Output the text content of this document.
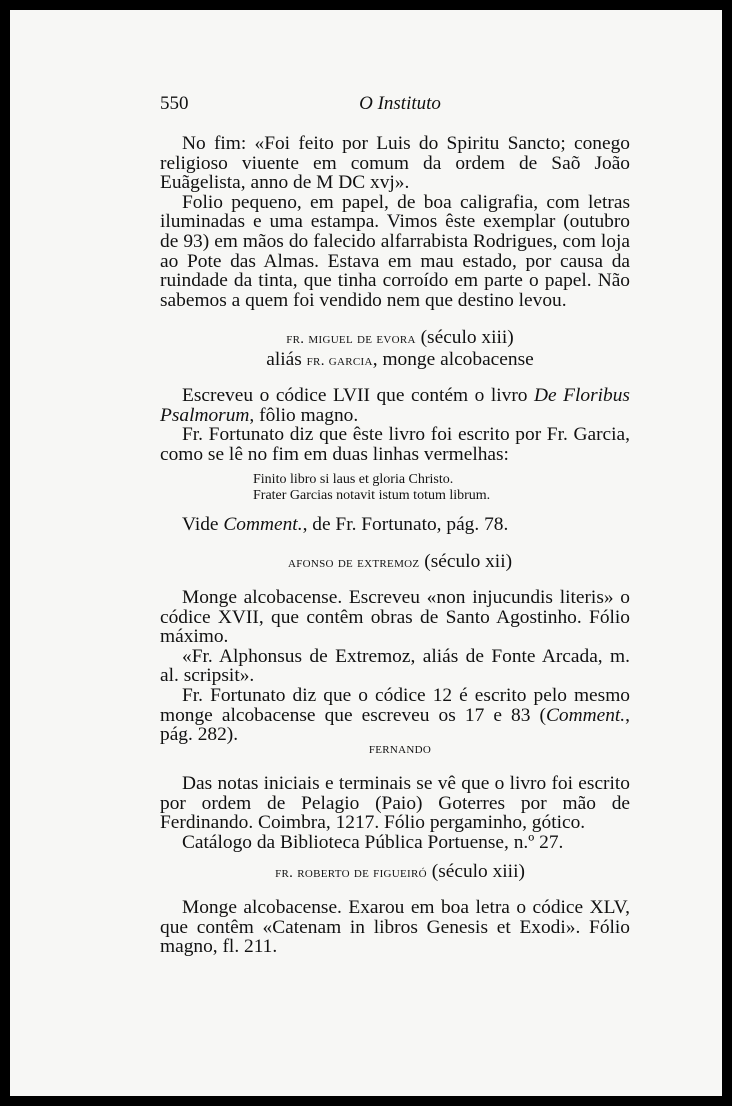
550	O Instituto

No fim: «Foi feito por Luis do Spiritu Sancto; conego religioso viuente em comum da ordem de Saõ João Euãgelista, anno de M DC xvj».

Folio pequeno, em papel, de boa caligrafia, com letras iluminadas e uma estampa. Vimos êste exemplar (outubro de 93) em mãos do falecido alfarrabista Rodrigues, com loja ao Pote das Almas. Estava em mau estado, por causa da ruindade da tinta, que tinha corroído em parte o papel. Não sabemos a quem foi vendido nem que destino levou.

fr. miguel de evora (século xiii)
aliás fr. garcia, monge alcobacense

Escreveu o códice LVII que contém o livro De Floribus Psalmorum, fôlio magno.

Fr. Fortunato diz que êste livro foi escrito por Fr. Garcia, como se lê no fim em duas linhas vermelhas:

Finito libro si laus et gloria Christo.
Frater Garcias notavit istum totum librum.

Vide Comment., de Fr. Fortunato, pág. 78.

afonso de extremoz (século xii)

Monge alcobacense. Escreveu «non injucundis literis» o códice XVII, que contêm obras de Santo Agostinho. Fólio máximo.

«Fr. Alphonsus de Extremoz, aliás de Fonte Arcada, m. al. scripsit».

Fr. Fortunato diz que o códice 12 é escrito pelo mesmo monge alcobacense que escreveu os 17 e 83 (Comment., pág. 282).

fernando

Das notas iniciais e terminais se vê que o livro foi escrito por ordem de Pelagio (Paio) Goterres por mão de Ferdinando. Coimbra, 1217. Fólio pergaminho, gótico.

Catálogo da Biblioteca Pública Portuense, n.º 27.

fr. roberto de figueiró (século xiii)

Monge alcobacense. Exarou em boa letra o códice XLV, que contêm «Catenam in libros Genesis et Exodi». Fólio magno, fl. 211.
